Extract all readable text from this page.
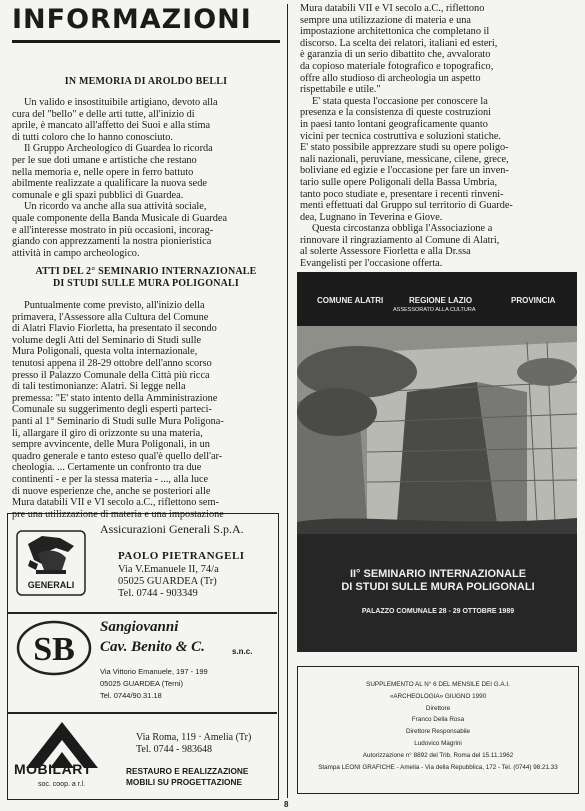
INFORMAZIONI
IN MEMORIA DI AROLDO BELLI

Un valido e insostituibile artigiano, devoto alla
cura del "bello" e delle arti tutte, all'inizio di
aprile, è mancato all'affetto dei Suoi e alla stima
di tutti coloro che lo hanno conosciuto.

Il Gruppo Archeologico di Guardea lo ricorda
per le sue doti umane e artistiche che restano
nella memoria e, nelle opere in ferro battuto
abilmente realizzate a qualificare la nuova sede
comunale e gli spazi pubblici di Guardea.

Un ricordo va anche alla sua attività sociale,
quale componente della Banda Musicale di Guardea
e all'interesse mostrato in più occasioni, incorag-
giando con apprezzamenti la nostra pionieristica
attività in campo archeologico.

ATTI DEL 2° SEMINARIO INTERNAZIONALE
DI STUDI SULLE MURA POLIGONALI

Puntualmente come previsto, all'inizio della
primavera, l'Assessore alla Cultura del Comune
di Alatri Flavio Fiorletta, ha presentato il secondo
volume degli Atti del Seminario di Studi sulle
Mura Poligonali, questa volta internazionale,
tenutosi appena il 28-29 ottobre dell'anno scorso
presso il Palazzo Comunale della Città più ricca
di tali testimonianze: Alatri. Si legge nella
premessa: "E' stato intento della Amministrazione
Comunale su suggerimento degli esperti parteci-
panti al 1° Seminario di Studi sulle Mura Poligona-
li, allargare il giro di orizzonte su una materia,
sempre avvincente, delle Mura Poligonali, in un
quadro generale e tanto esteso qual'è quello dell'ar-
cheologia. ... Certamente un confronto tra due
continenti - e per la stessa materia - ..., alla luce
di nuove esperienze che, anche se posteriori alle
Mura databili VII e VI secolo a.C., riflettono sem-
pre una utilizzazione di materia e una impostazione

Assicurazioni Generali S.p.A.
GENERALI
PAOLO PIETRANGELI
Via V.Emanuele II, 74/a
05025 GUARDEA (Tr)
Tel. 0744 - 903349
SB
Sangiovanni
Cav. Benito & C.	s.n.c.
Via Vittorio Emanuele, 197 - 199
05025 GUARDEA (Terni)
Tel. 0744/90.31.18
MOBILART
soc. coop. a r.l.
Via Roma, 119 · Amelia (Tr)
Tel. 0744 - 983648
RESTAURO E REALIZZAZIONE
MOBILI SU PROGETTAZIONE

Mura databili VII e VI secolo a.C., riflettono
sempre una utilizzazione di materia e una
impostazione architettonica che completano il
discorso. La scelta dei relatori, italiani ed esteri,
è garanzia di un serio dibattito che, avvalorato
da copioso materiale fotografico e topografico,
offre allo studioso di archeologia un aspetto
rispettabile e utile."

E' stata questa l'occasione per conoscere la
presenza e la consistenza di queste costruzioni
in paesi tanto lontani geograficamente quanto
vicini per tecnica costruttiva e soluzioni statiche.
E' stato possibile apprezzare studi su opere poligo-
nali nazionali, peruviane, messicane, cilene, grece,
boliviane ed egizie e l'occasione per fare un inven-
tario sulle opere Poligonali della Bassa Umbria,
tanto poco studiate e, presentare i recenti rinveni-
menti effettuati dal Gruppo sul territorio di Guarde-
dea, Lugnano in Teverina e Giove.

Questa circostanza obbliga l'Associazione a
rinnovare il ringraziamento al Comune di Alatri,
al solerte Assessore Fiorletta e alla Dr.ssa
Evangelisti per l'occasione offerta.

COMUNE ALATRI	REGIONE LAZIO	PROVINCIA
ASSESSORATO ALLA CULTURA
II° SEMINARIO INTERNAZIONALE
DI STUDI SULLE MURA POLIGONALI
PALAZZO COMUNALE 28 - 29 OTTOBRE 1989
SUPPLEMENTO AL N° 6 DEL MENSILE DEI G.A.I.
«ARCHEOLOGIA» GIUGNO 1990
Direttore
Franco Della Rosa
Direttore Responsabile
Ludovico Magrini
Autorizzazione n° 8892 del Trib. Roma del 15.11.1962
Stampa LEONI GRAFICHE - Amelia - Via della Repubblica, 172 - Tel. (0744) 98.21.33
8
